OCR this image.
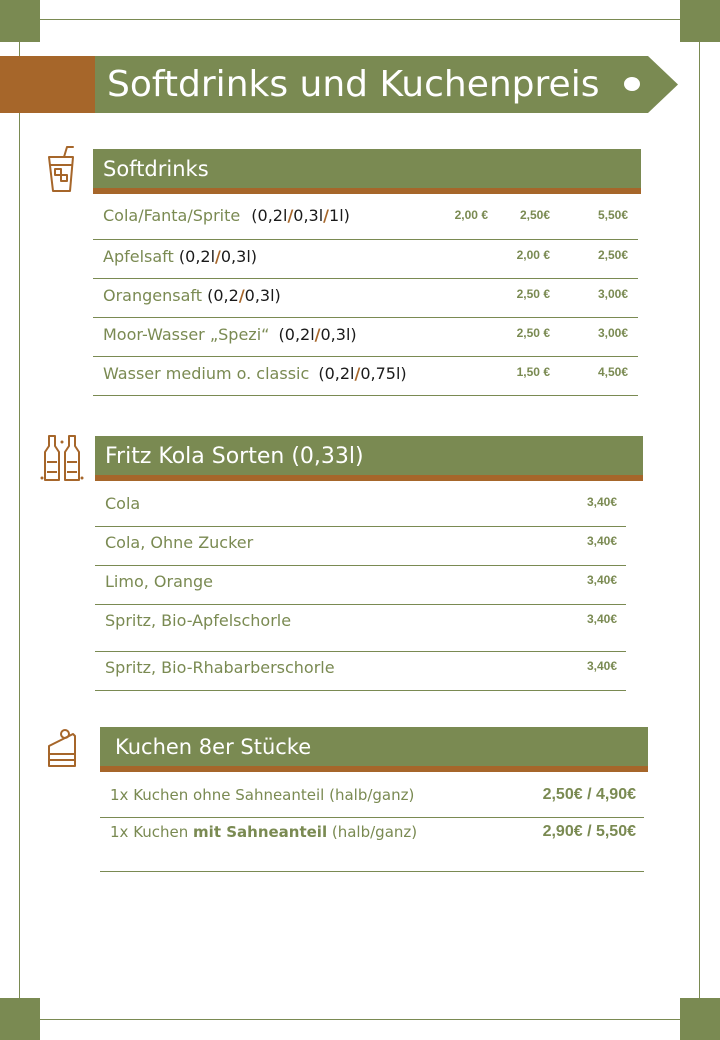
Softdrinks und Kuchenpreis
Softdrinks
Cola/Fanta/Sprite (0,2l/0,3l/1l)	2,00 €	2,50€	5,50€
Apfelsaft (0,2l/0,3l)	2,00 €	2,50€
Orangensaft (0,2/0,3l)	2,50 €	3,00€
Moor-Wasser „Spezi“ (0,2l/0,3l)	2,50 €	3,00€
Wasser medium o. classic (0,2l/0,75l)	1,50 €	4,50€
Fritz Kola Sorten (0,33l)
Cola	3,40€
Cola, Ohne Zucker	3,40€
Limo, Orange	3,40€
Spritz, Bio-Apfelschorle	3,40€
Spritz, Bio-Rhabarberschorle	3,40€
Kuchen 8er Stücke
1x Kuchen ohne Sahneanteil (halb/ganz)	2,50€ / 4,90€
1x Kuchen mit Sahneanteil (halb/ganz)	2,90€ / 5,50€
